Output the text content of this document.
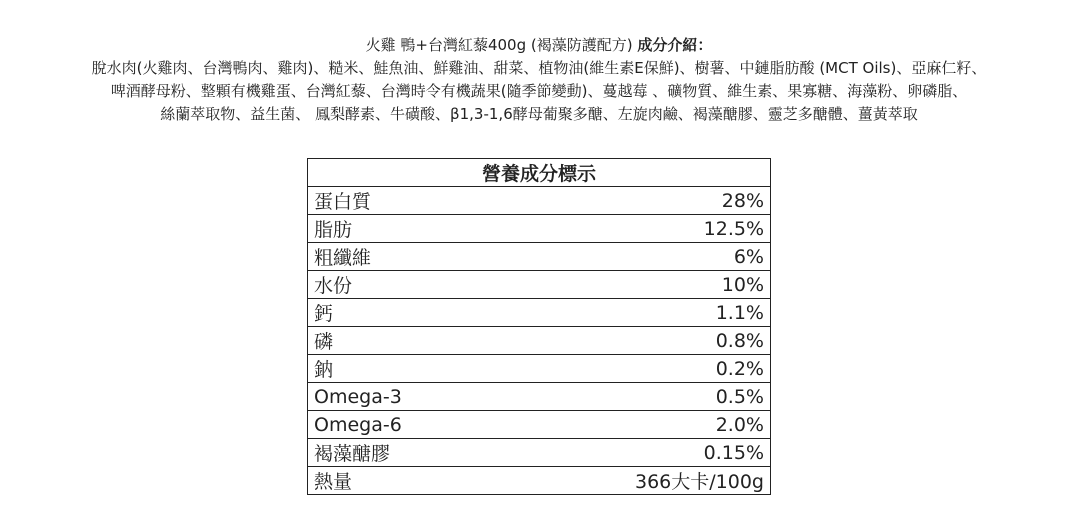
火雞 鴨+台灣紅藜400g (褐藻防護配方) 成分介紹：
脫水肉(火雞肉、台灣鴨肉、雞肉)、糙米、鮭魚油、鮮雞油、甜菜、植物油(維生素E保鮮)、樹薯、中鏈脂肪酸 (MCT Oils)、亞麻仁籽、
啤酒酵母粉、整顆有機雞蛋、台灣紅藜、台灣時令有機蔬果(隨季節變動)、蔓越莓 、礦物質、維生素、果寡糖、海藻粉、卵磷脂、
絲蘭萃取物、益生菌、 鳳梨酵素、牛磺酸、β1,3-1,6酵母葡聚多醣、左旋肉鹼、褐藻醣膠、靈芝多醣體、薑黃萃取
營養成分標示	
蛋白質	28%
脂肪	12.5%
粗纖維	6%
水份	10%
鈣	1.1%
磷	0.8%
鈉	0.2%
Omega-3	0.5%
Omega-6	2.0%
褐藻醣膠	0.15%
熱量	366大卡/100g
